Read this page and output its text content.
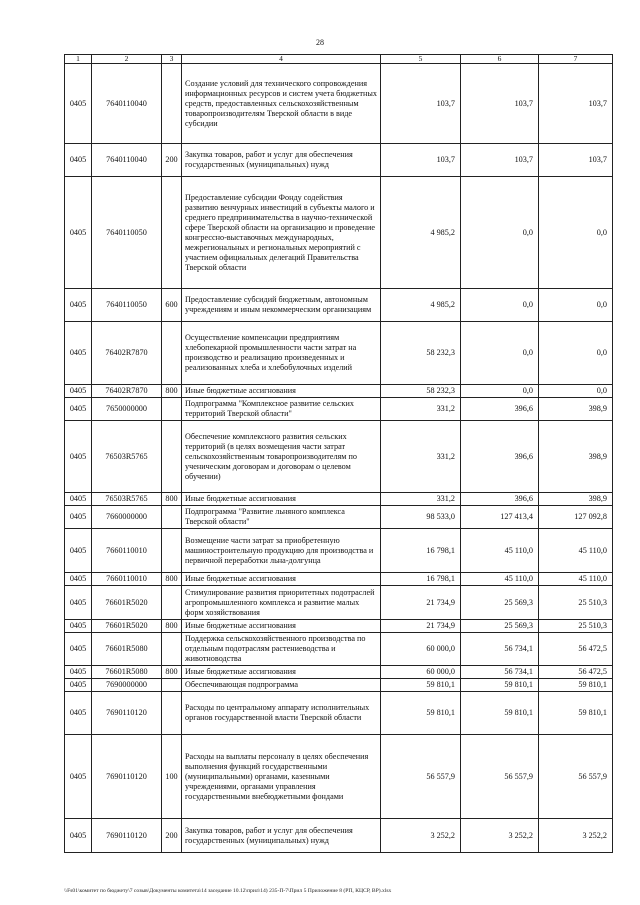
28
1	2	3	4	5	6	7
0405	7640110040		Создание условий для технического сопровождения информационных ресурсов и систем учета бюджетных средств, предоставленных сельскохозяйственным товаропроизводителям Тверской области в виде субсидии	103,7	103,7	103,7
0405	7640110040	200	Закупка товаров, работ и услуг для обеспечения государственных (муниципальных) нужд	103,7	103,7	103,7
0405	7640110050		Предоставление субсидии Фонду содействия развитию венчурных инвестиций в субъекты малого и среднего предпринимательства в научно-технической сфере Тверской области на организацию и проведение конгрессно-выставочных международных, межрегиональных и региональных мероприятий с участием официальных делегаций Правительства Тверской области	4 985,2	0,0	0,0
0405	7640110050	600	Предоставление субсидий бюджетным, автономным учреждениям и иным некоммерческим организациям	4 985,2	0,0	0,0
0405	76402R7870		Осуществление компенсации предприятиям хлебопекарной промышленности части затрат на производство и реализацию произведенных и реализованных хлеба и хлебобулочных изделий	58 232,3	0,0	0,0
0405	76402R7870	800	Иные бюджетные ассигнования	58 232,3	0,0	0,0
0405	7650000000		Подпрограмма "Комплексное развитие сельских территорий Тверской области"	331,2	396,6	398,9
0405	76503R5765		Обеспечение комплексного развития сельских территорий (в целях возмещения части затрат сельскохозяйственным товаропроизводителям по ученическим договорам и договорам о целевом обучении)	331,2	396,6	398,9
0405	76503R5765	800	Иные бюджетные ассигнования	331,2	396,6	398,9
0405	7660000000		Подпрограмма "Развитие льняного комплекса Тверской области"	98 533,0	127 413,4	127 092,8
0405	7660110010		Возмещение части затрат за приобретенную машиностроительную продукцию для производства и первичной переработки льна-долгунца	16 798,1	45 110,0	45 110,0
0405	7660110010	800	Иные бюджетные ассигнования	16 798,1	45 110,0	45 110,0
0405	76601R5020		Стимулирование развития приоритетных подотраслей агропромышленного комплекса и развитие малых форм хозяйствования	21 734,9	25 569,3	25 510,3
0405	76601R5020	800	Иные бюджетные ассигнования	21 734,9	25 569,3	25 510,3
0405	76601R5080		Поддержка сельскохозяйственного производства по отдельным подотраслям растениеводства и животноводства	60 000,0	56 734,1	56 472,5
0405	76601R5080	800	Иные бюджетные ассигнования	60 000,0	56 734,1	56 472,5
0405	7690000000		Обеспечивающая подпрограмма	59 810,1	59 810,1	59 810,1
0405	7690110120		Расходы по центральному аппарату исполнительных органов государственной власти Тверской области	59 810,1	59 810,1	59 810,1
0405	7690110120	100	Расходы на выплаты персоналу в целях обеспечения выполнения функций государственными (муниципальными) органами, казенными учреждениями, органами управления государственными внебюджетными фондами	56 557,9	56 557,9	56 557,9
0405	7690110120	200	Закупка товаров, работ и услуг для обеспечения государственных (муниципальных) нужд	3 252,2	3 252,2	3 252,2
\\Fs01\комитет по бюджету\7 созыв\Документы комитета\14 заседание 10.12\прил\14) 235-П-7\Прил 5 Приложение 8 (РП, КЦСР, ВР).xlsx
